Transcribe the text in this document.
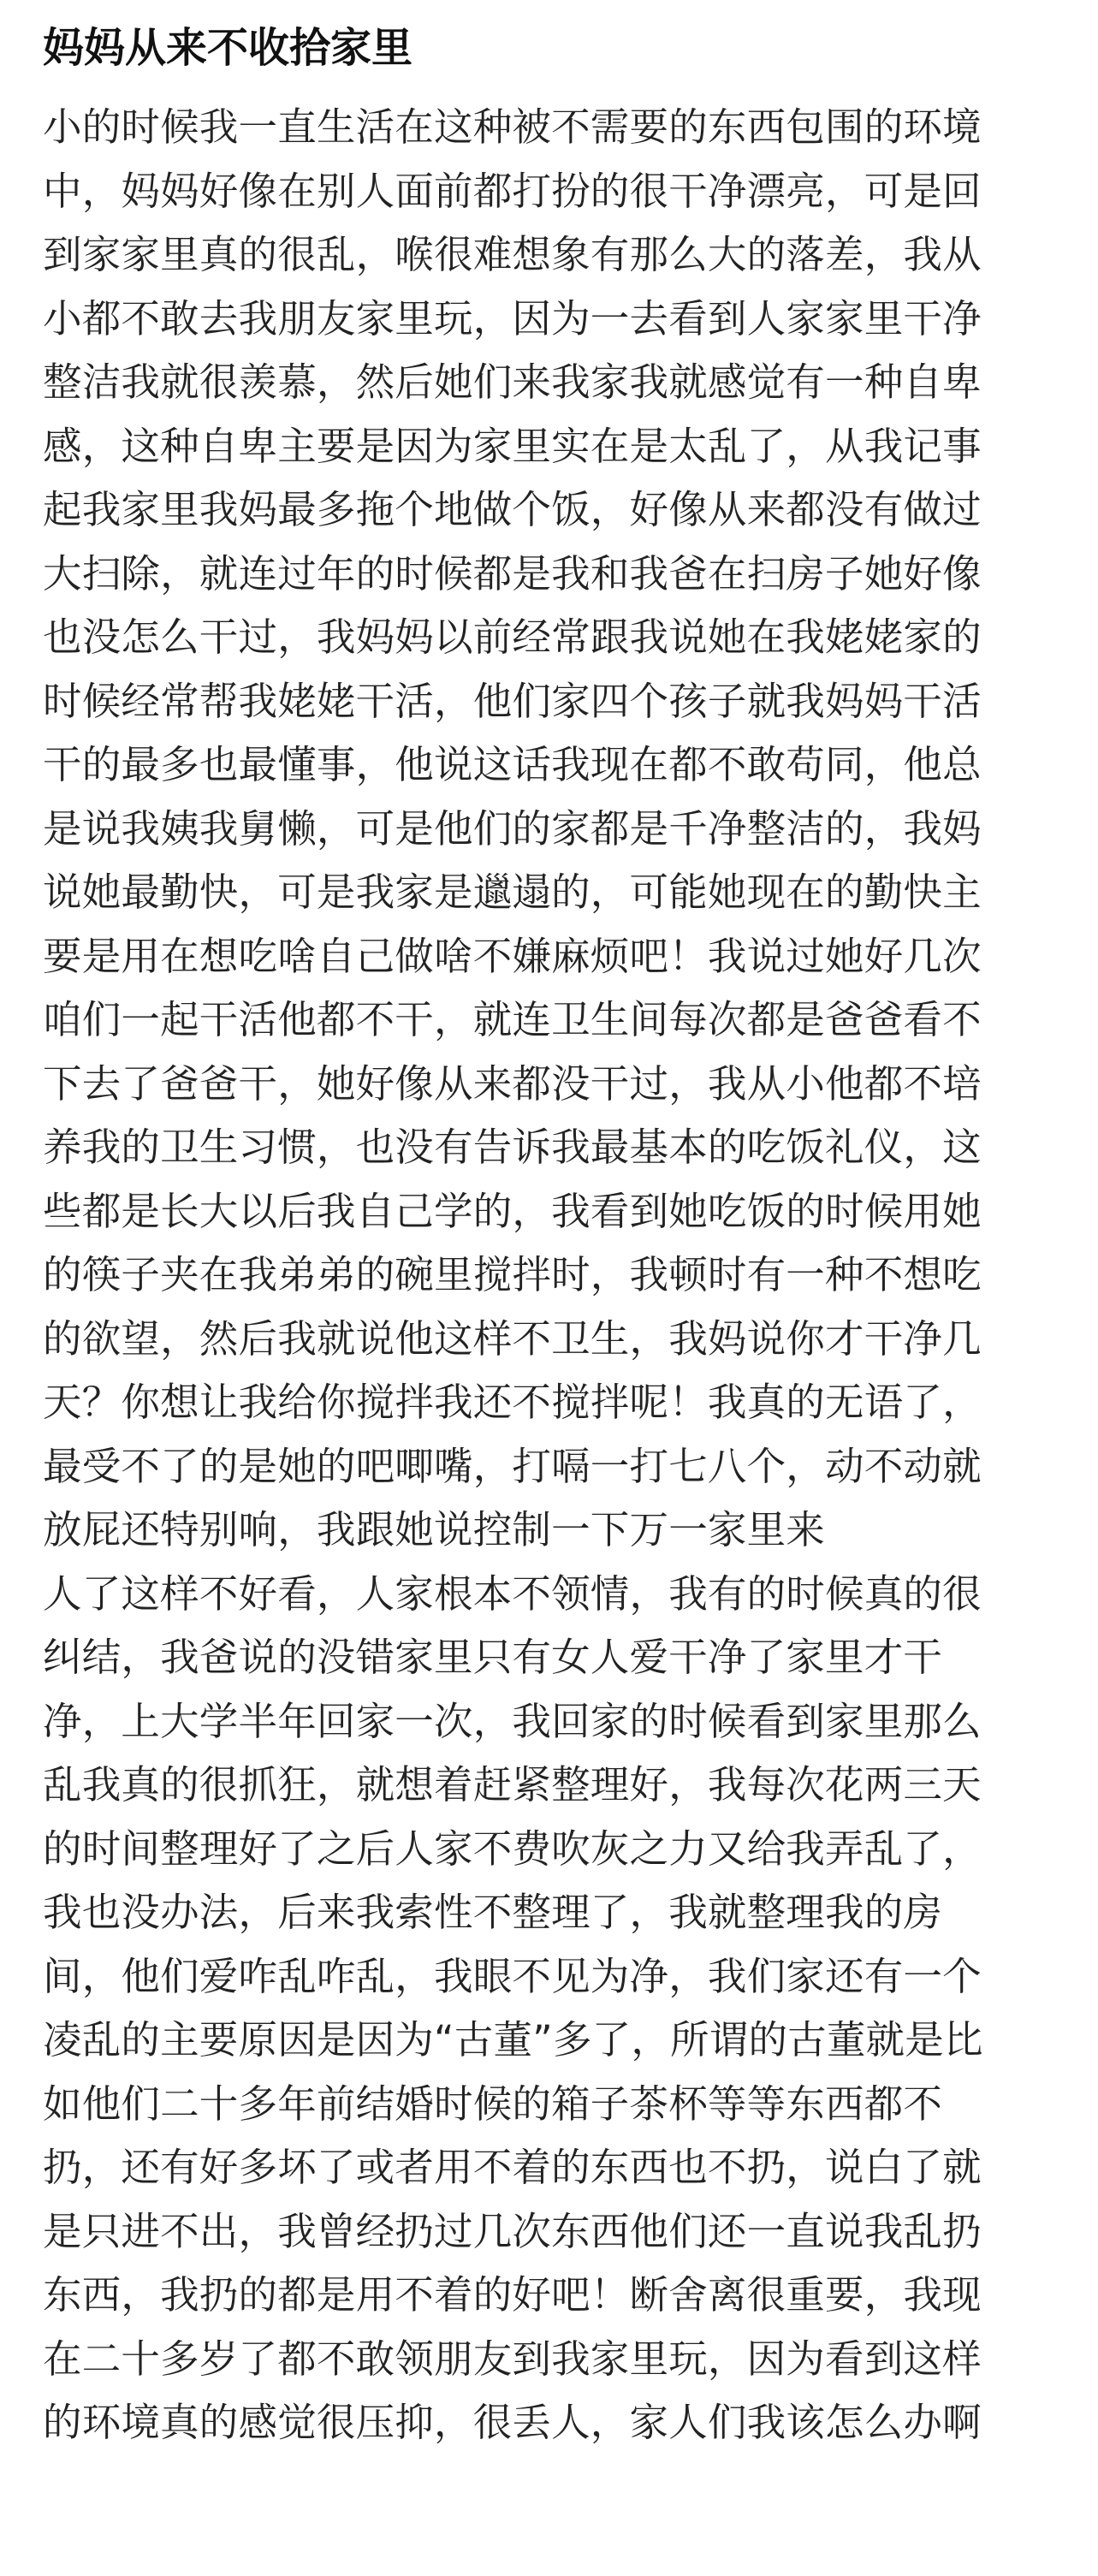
妈妈从来不收拾家里
小的时候我一直生活在这种被不需要的东西包围的环境
中，妈妈好像在别人面前都打扮的很干净漂亮，可是回
到家家里真的很乱，喉很难想象有那么大的落差，我从
小都不敢去我朋友家里玩，因为一去看到人家家里干净
整洁我就很羡慕，然后她们来我家我就感觉有一种自卑
感，这种自卑主要是因为家里实在是太乱了，从我记事
起我家里我妈最多拖个地做个饭，好像从来都没有做过
大扫除，就连过年的时候都是我和我爸在扫房子她好像
也没怎么干过，我妈妈以前经常跟我说她在我姥姥家的
时候经常帮我姥姥干活，他们家四个孩子就我妈妈干活
干的最多也最懂事，他说这话我现在都不敢苟同，他总
是说我姨我舅懒，可是他们的家都是千净整洁的，我妈
说她最勤快，可是我家是邋遢的，可能她现在的勤快主
要是用在想吃啥自己做啥不嫌麻烦吧！我说过她好几次
咱们一起干活他都不干，就连卫生间每次都是爸爸看不
下去了爸爸干，她好像从来都没干过，我从小他都不培
养我的卫生习惯，也没有告诉我最基本的吃饭礼仪，这
些都是长大以后我自己学的，我看到她吃饭的时候用她
的筷子夹在我弟弟的碗里搅拌时，我顿时有一种不想吃
的欲望，然后我就说他这样不卫生，我妈说你才干净几
天？你想让我给你搅拌我还不搅拌呢！我真的无语了，
最受不了的是她的吧唧嘴，打嗝一打七八个，动不动就
放屁还特别响，我跟她说控制一下万一家里来
人了这样不好看，人家根本不领情，我有的时候真的很
纠结，我爸说的没错家里只有女人爱干净了家里才干
净，上大学半年回家一次，我回家的时候看到家里那么
乱我真的很抓狂，就想着赶紧整理好，我每次花两三天
的时间整理好了之后人家不费吹灰之力又给我弄乱了，
我也没办法，后来我索性不整理了，我就整理我的房
间，他们爱咋乱咋乱，我眼不见为净，我们家还有一个
凌乱的主要原因是因为“古董”多了，所谓的古董就是比
如他们二十多年前结婚时候的箱子茶杯等等东西都不
扔，还有好多坏了或者用不着的东西也不扔，说白了就
是只进不出，我曾经扔过几次东西他们还一直说我乱扔
东西，我扔的都是用不着的好吧！断舍离很重要，我现
在二十多岁了都不敢领朋友到我家里玩，因为看到这样
的环境真的感觉很压抑，很丢人，家人们我该怎么办啊
